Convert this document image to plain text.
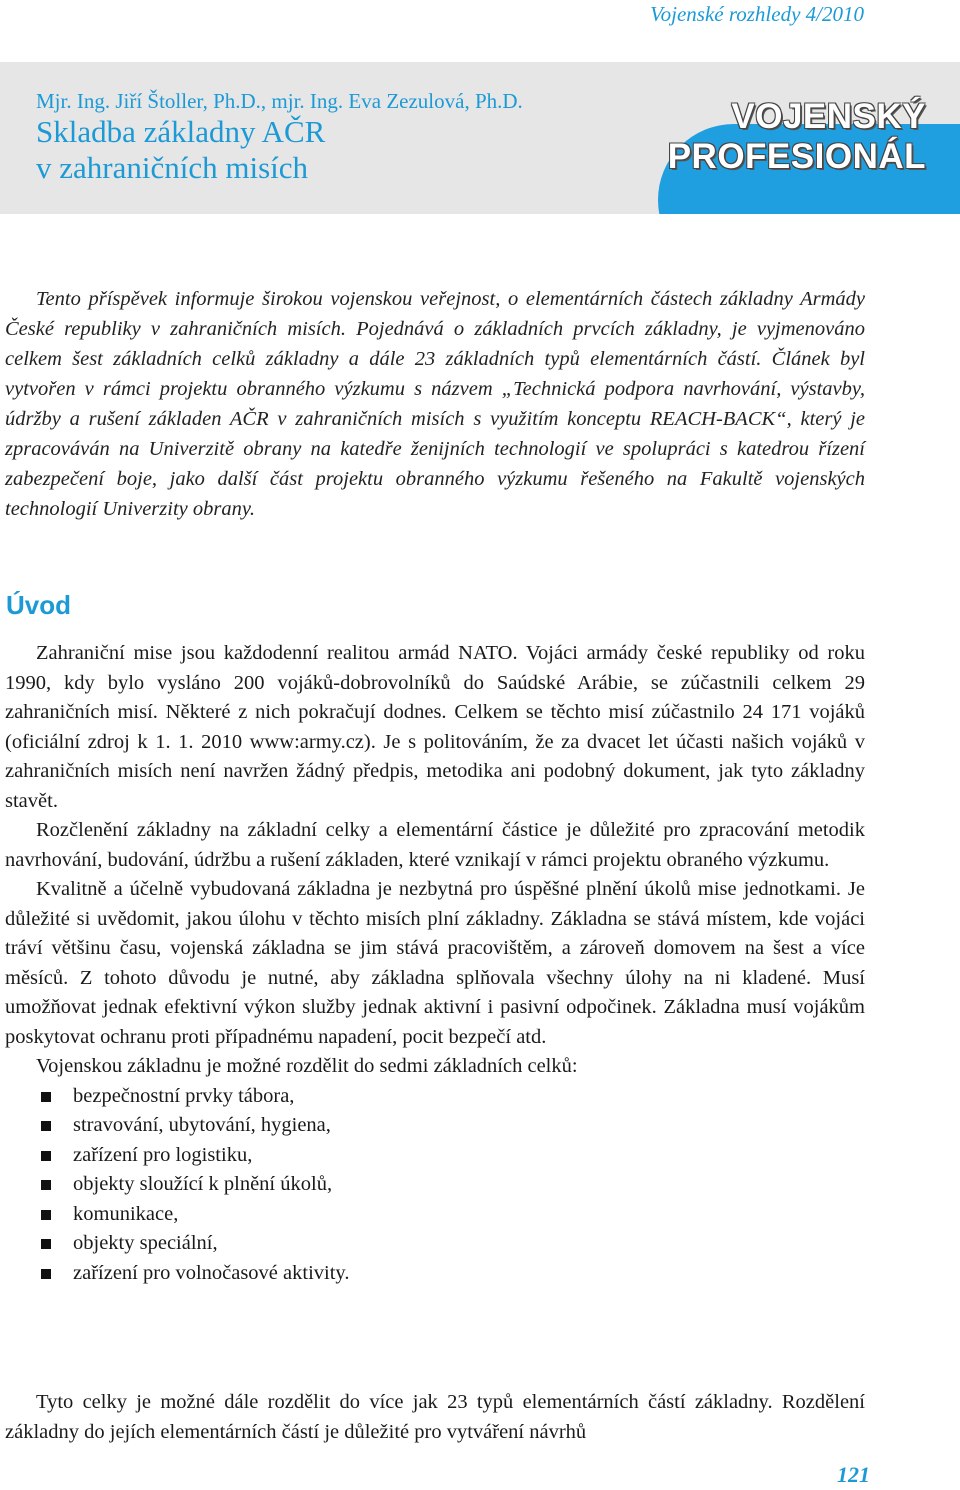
Vojenské rozhledy 4/2010
Mjr. Ing. Jiří Štoller, Ph.D., mjr. Ing. Eva Zezulová, Ph.D.
Skladba základny AČR
v zahraničních misích
VOJENSKÝ
PROFESIONÁL

Tento příspěvek informuje širokou vojenskou veřejnost, o elementárních částech základny Armády České republiky v zahraničních misích. Pojednává o základních prvcích základny, je vyjmenováno celkem šest základních celků základny a dále 23 základních typů elementárních částí. Článek byl vytvořen v rámci projektu obranného výzkumu s názvem „Technická podpora navrhování, výstavby, údržby a rušení základen AČR v zahraničních misích s využitím konceptu REACH-BACK“, který je zpracováván na Univerzitě obrany na katedře ženijních technologií ve spolupráci s katedrou řízení zabezpečení boje, jako další část projektu obranného výzkumu řešeného na Fakultě vojenských technologií Univerzity obrany.

Úvod

Zahraniční mise jsou každodenní realitou armád NATO. Vojáci armády české republiky od roku 1990, kdy bylo vysláno 200 vojáků-dobrovolníků do Saúdské Arábie, se zúčastnili celkem 29 zahraničních misí. Některé z nich pokračují dodnes. Celkem se těchto misí zúčastnilo 24 171 vojáků (oficiální zdroj k 1. 1. 2010 www:army.cz). Je s politováním, že za dvacet let účasti našich vojáků v zahraničních misích není navržen žádný předpis, metodika ani podobný dokument, jak tyto základny stavět.

Rozčlenění základny na základní celky a elementární částice je důležité pro zpracování metodik navrhování, budování, údržbu a rušení základen, které vznikají v rámci projektu obraného výzkumu.

Kvalitně a účelně vybudovaná základna je nezbytná pro úspěšné plnění úkolů mise jednotkami. Je důležité si uvědomit, jakou úlohu v těchto misích plní základny. Základna se stává místem, kde vojáci tráví většinu času, vojenská základna se jim stává pracovištěm, a zároveň domovem na šest a více měsíců. Z tohoto důvodu je nutné, aby základna splňovala všechny úlohy na ni kladené. Musí umožňovat jednak efektivní výkon služby jednak aktivní i pasivní odpočinek. Základna musí vojákům poskytovat ochranu proti případnému napadení, pocit bezpečí atd.

Vojenskou základnu je možné rozdělit do sedmi základních celků:

bezpečnostní prvky tábora,
stravování, ubytování, hygiena,
zařízení pro logistiku,
objekty sloužící k plnění úkolů,
komunikace,
objekty speciální,
zařízení pro volnočasové aktivity.

Tyto celky je možné dále rozdělit do více jak 23 typů elementárních částí základny. Rozdělení základny do jejích elementárních částí je důležité pro vytváření návrhů

121
